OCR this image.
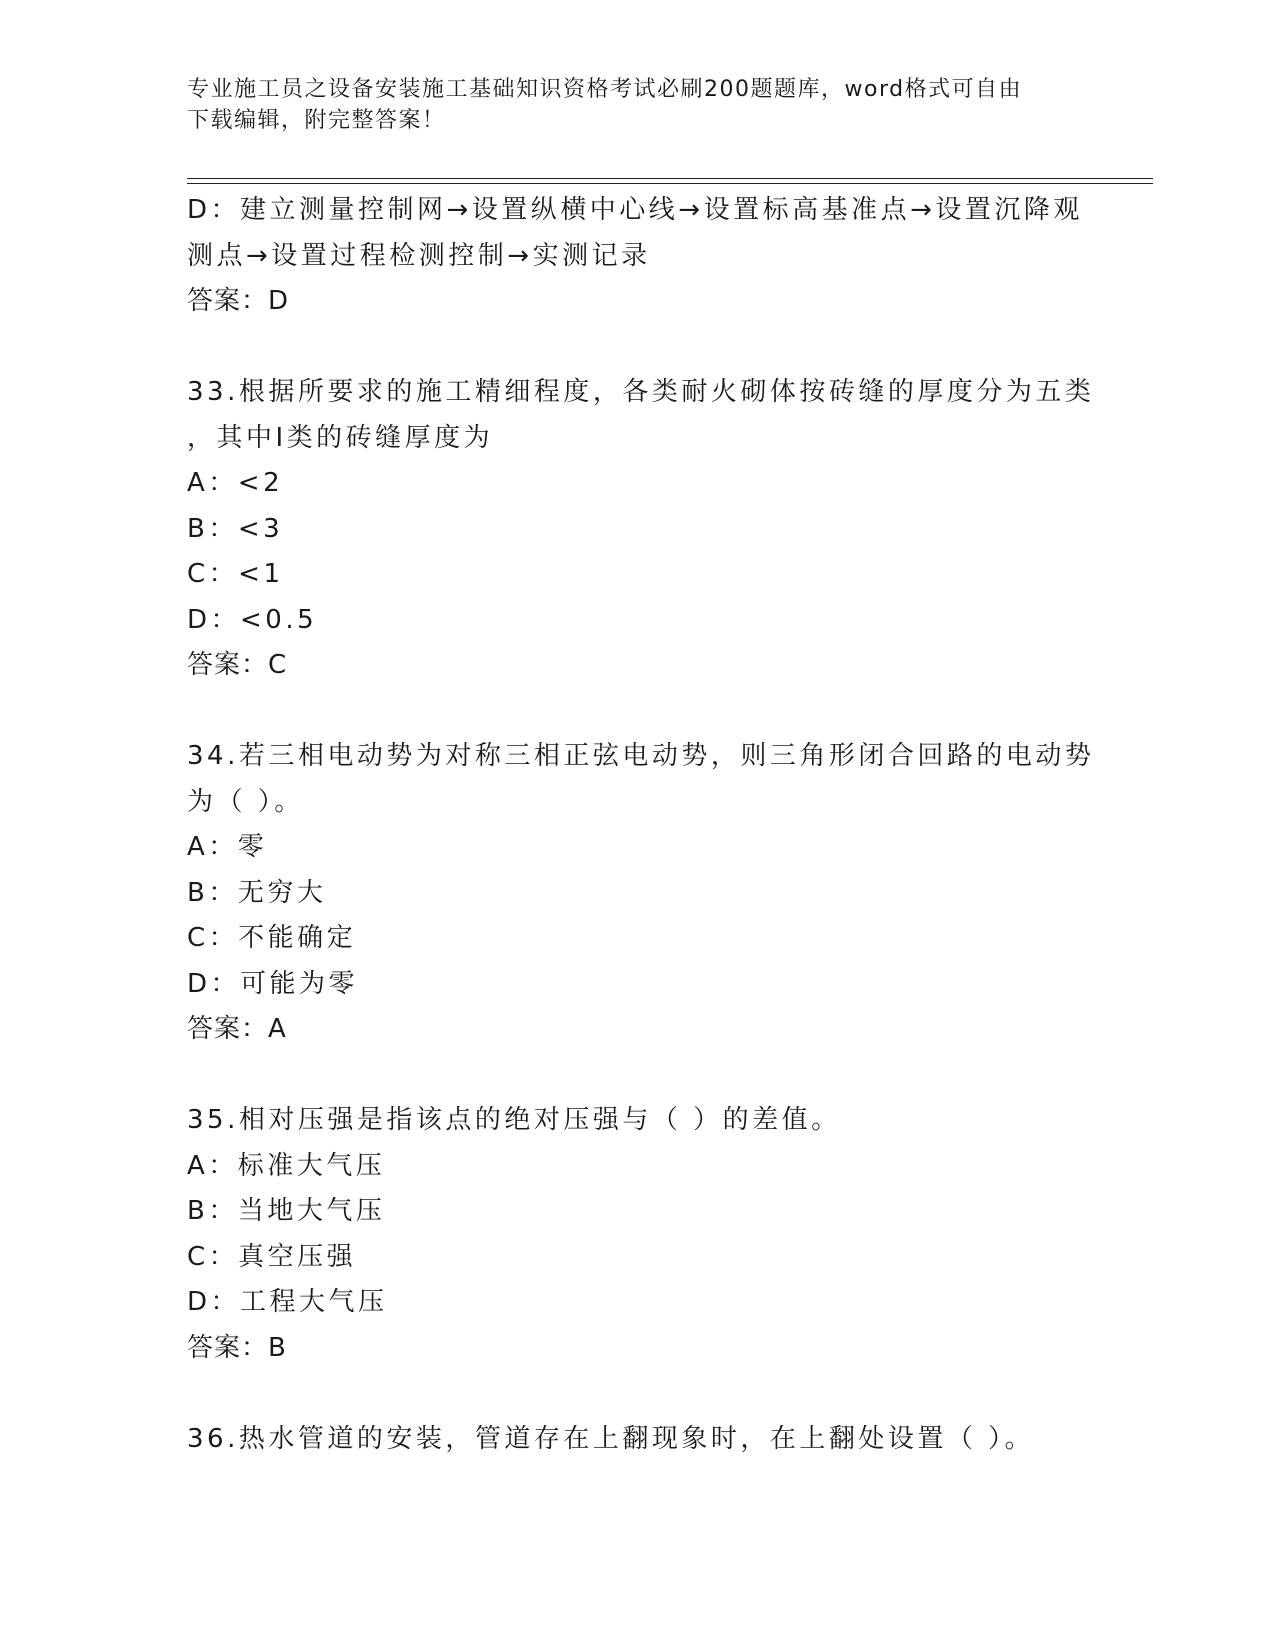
专业施工员之设备安装施工基础知识资格考试必刷200题题库，word格式可自由
下载编辑，附完整答案！
D：建立测量控制网→设置纵横中心线→设置标高基准点→设置沉降观
测点→设置过程检测控制→实测记录
答案：D
33.根据所要求的施工精细程度，各类耐火砌体按砖缝的厚度分为五类
，其中Ⅰ类的砖缝厚度为
A：<2
B：<3
C：<1
D：<0.5
答案：C
34.若三相电动势为对称三相正弦电动势，则三角形闭合回路的电动势
为（ ）。
A：零
B：无穷大
C：不能确定
D：可能为零
答案：A
35.相对压强是指该点的绝对压强与（ ）的差值。
A：标准大气压
B：当地大气压
C：真空压强
D：工程大气压
答案：B
36.热水管道的安装，管道存在上翻现象时，在上翻处设置（ ）。
